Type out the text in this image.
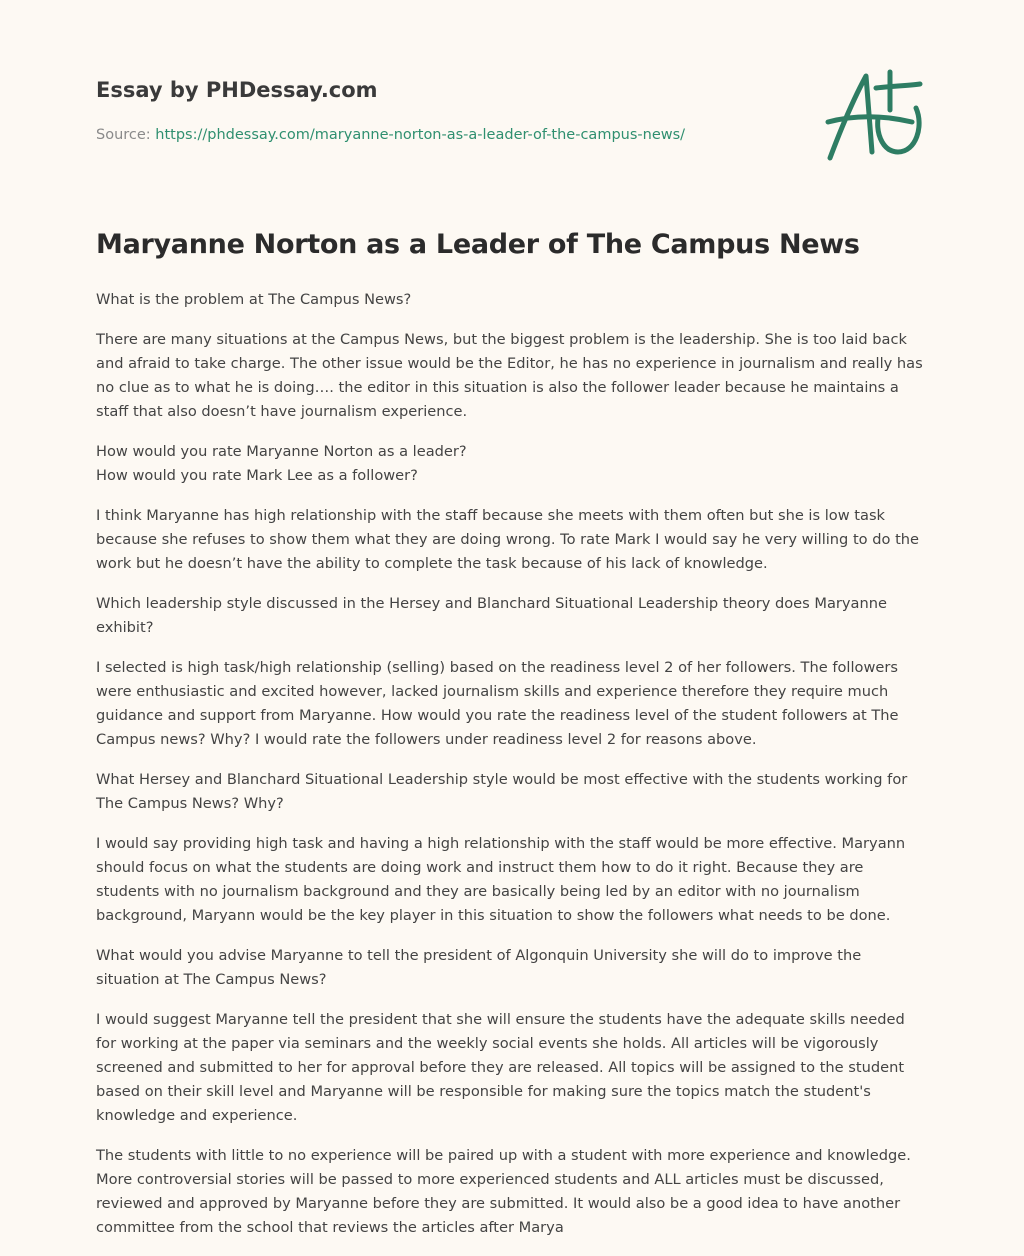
Essay by PHDessay.com
Source: https://phdessay.com/maryanne-norton-as-a-leader-of-the-campus-news/
Maryanne Norton as a Leader of The Campus News

What is the problem at The Campus News?

There are many situations at the Campus News, but the biggest problem is the leadership. She is too laid back and afraid to take charge. The other issue would be the Editor, he has no experience in journalism and really has no clue as to what he is doing…. the editor in this situation is also the follower leader because he maintains a staff that also doesn’t have journalism experience.

How would you rate Maryanne Norton as a leader?
How would you rate Mark Lee as a follower?

I think Maryanne has high relationship with the staff because she meets with them often but she is low task because she refuses to show them what they are doing wrong. To rate Mark I would say he very willing to do the work but he doesn’t have the ability to complete the task because of his lack of knowledge.

Which leadership style discussed in the Hersey and Blanchard Situational Leadership theory does Maryanne exhibit?

I selected is high task/high relationship (selling) based on the readiness level 2 of her followers. The followers were enthusiastic and excited however, lacked journalism skills and experience therefore they require much guidance and support from Maryanne. How would you rate the readiness level of the student followers at The Campus news? Why? I would rate the followers under readiness level 2 for reasons above.

What Hersey and Blanchard Situational Leadership style would be most effective with the students working for The Campus News? Why?

I would say providing high task and having a high relationship with the staff would be more effective. Maryann should focus on what the students are doing work and instruct them how to do it right. Because they are students with no journalism background and they are basically being led by an editor with no journalism background, Maryann would be the key player in this situation to show the followers what needs to be done.

What would you advise Maryanne to tell the president of Algonquin University she will do to improve the situation at The Campus News?

I would suggest Maryanne tell the president that she will ensure the students have the adequate skills needed for working at the paper via seminars and the weekly social events she holds. All articles will be vigorously screened and submitted to her for approval before they are released. All topics will be assigned to the student based on their skill level and Maryanne will be responsible for making sure the topics match the student's knowledge and experience.

The students with little to no experience will be paired up with a student with more experience and knowledge. More controversial stories will be passed to more experienced students and ALL articles must be discussed, reviewed and approved by Maryanne before they are submitted. It would also be a good idea to have another committee from the school that reviews the articles after Marya
